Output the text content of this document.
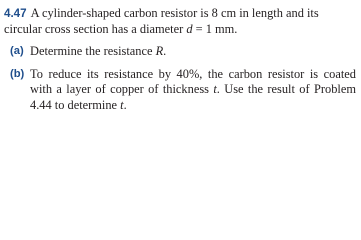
4.47 A cylinder-shaped carbon resistor is 8 cm in length and its circular cross section has a diameter d = 1 mm.

(a) Determine the resistance R.
(b) To reduce its resistance by 40%, the carbon resistor is coated with a layer of copper of thickness t. Use the result of Problem 4.44 to determine t.
